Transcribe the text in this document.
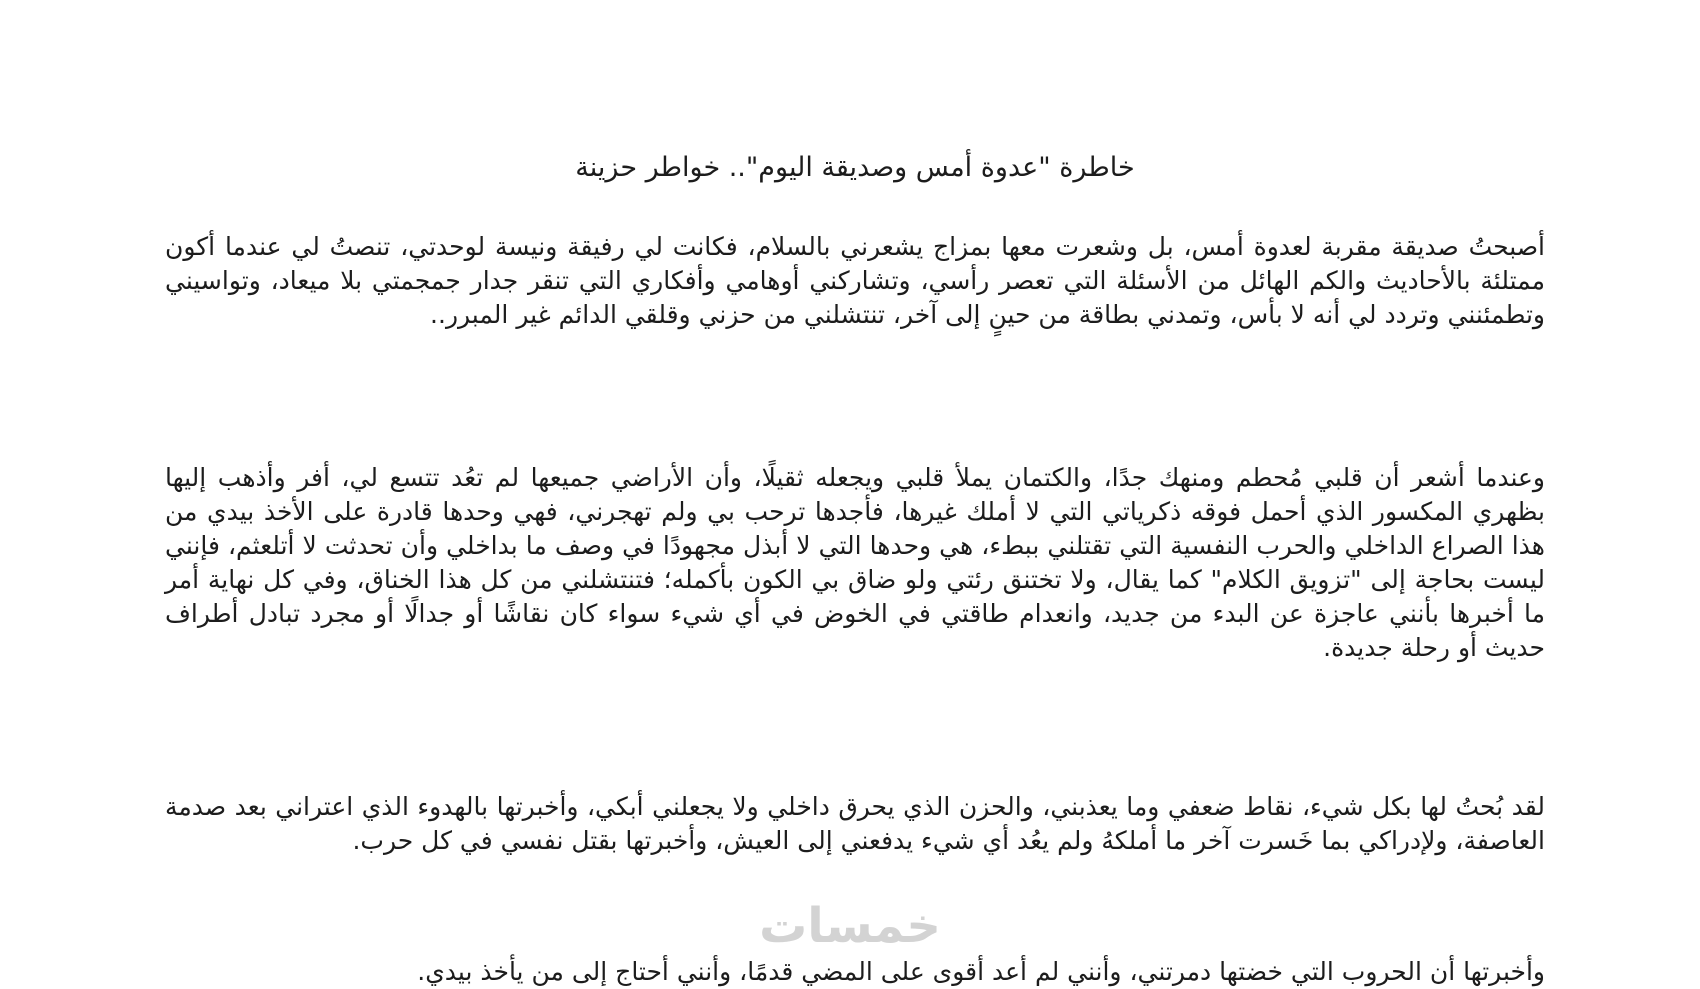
خاطرة "عدوة أمس وصديقة اليوم".. خواطر حزينة

أصبحتُ صديقة مقربة لعدوة أمس، بل وشعرت معها بمزاج يشعرني بالسلام، فكانت لي رفيقة ونيسة لوحدتي، تنصتُ لي عندما أكون ممتلئة بالأحاديث والكم الهائل من الأسئلة التي تعصر رأسي، وتشاركني أوهامي وأفكاري التي تنقر جدار جمجمتي بلا ميعاد، وتواسيني وتطمئنني وتردد لي أنه لا بأس، وتمدني بطاقة من حينٍ إلى آخر، تنتشلني من حزني وقلقي الدائم غير المبرر..

وعندما أشعر أن قلبي مُحطم ومنهك جدًا، والكتمان يملأ قلبي ويجعله ثقيلًا، وأن الأراضي جميعها لم تعُد تتسع لي، أفر وأذهب إليها بظهري المكسور الذي أحمل فوقه ذكرياتي التي لا أملك غيرها، فأجدها ترحب بي ولم تهجرني، فهي وحدها قادرة على الأخذ بيدي من هذا الصراع الداخلي والحرب النفسية التي تقتلني ببطء، هي وحدها التي لا أبذل مجهودًا في وصف ما بداخلي وأن تحدثت لا أتلعثم، فإنني ليست بحاجة إلى "تزويق الكلام" كما يقال، ولا تختنق رئتي ولو ضاق بي الكون بأكمله؛ فتنتشلني من كل هذا الخناق، وفي كل نهاية أمر ما أخبرها بأنني عاجزة عن البدء من جديد، وانعدام طاقتي في الخوض في أي شيء سواء كان نقاشًا أو جدالًا أو مجرد تبادل أطراف حديث أو رحلة جديدة.

لقد بُحتُ لها بكل شيء، نقاط ضعفي وما يعذبني، والحزن الذي يحرق داخلي ولا يجعلني أبكي، وأخبرتها بالهدوء الذي اعتراني بعد صدمة العاصفة، ولإدراكي بما خَسرت آخر ما أملكهُ ولم يعُد أي شيء يدفعني إلى العيش، وأخبرتها بقتل نفسي في كل حرب.

وأخبرتها أن الحروب التي خضتها دمرتني، وأنني لم أعد أقوى على المضي قدمًا، وأنني أحتاج إلى من يأخذ بيدي.

خمسات
